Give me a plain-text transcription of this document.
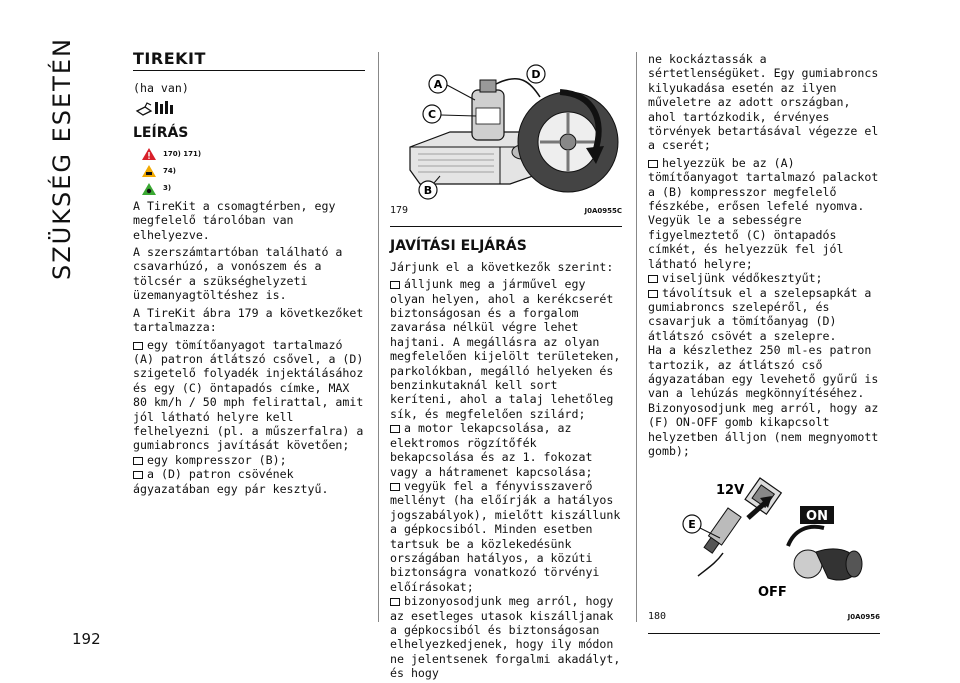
SZÜKSÉG ESETÉN
192
TIREKIT
(ha van)
LEÍRÁS
170) 171)
74)
3)
A TireKit a csomagtérben, egy megfelelő tárolóban van elhelyezve.
A szerszámtartóban található a csavarhúzó, a vonószem és a tölcsér a szükséghelyzeti üzemanyagtöltéshez is.
A TireKit ábra 179 a következőket tartalmazza:
egy tömítőanyagot tartalmazó (A) patron átlátszó csővel, a (D) szigetelő folyadék injektálásához és egy (C) öntapadós címke, MAX 80 km/h / 50 mph felirattal, amit jól látható helyre kell felhelyezni (pl. a műszerfalra) a gumiabroncs javítását követően;
egy kompresszor (B);
a (D) patron csövének ágyazatában egy pár kesztyű.
A
D
C
B
179	J0A0955C
JAVÍTÁSI ELJÁRÁS
Járjunk el a következők szerint:
álljunk meg a járművel egy olyan helyen, ahol a kerékcserét biztonságosan és a forgalom zavarása nélkül végre lehet hajtani. A megállásra az olyan megfelelően kijelölt területeken, parkolókban, megálló helyeken és benzinkutaknál kell sort keríteni, ahol a talaj lehetőleg sík, és megfelelően szilárd;
a motor lekapcsolása, az elektromos rögzítőfék bekapcsolása és az 1. fokozat vagy a hátramenet kapcsolása;
vegyük fel a fényvisszaverő mellényt (ha előírják a hatályos jogszabályok), mielőtt kiszállunk a gépkocsiból. Minden esetben tartsuk be a közlekedésünk országában hatályos, a közúti biztonságra vonatkozó törvényi előírásokat;
bizonyosodjunk meg arról, hogy az esetleges utasok kiszálljanak a gépkocsiból és biztonságosan elhelyezkedjenek, hogy ily módon ne jelentsenek forgalmi akadályt, és hogy
ne kockáztassák a sértetlenségüket. Egy gumiabroncs kilyukadása esetén az ilyen műveletre az adott országban, ahol tartózkodik, érvényes törvények betartásával végezze el a cserét;
helyezzük be az (A) tömítőanyagot tartalmazó palackot a (B) kompresszor megfelelő fészkébe, erősen lefelé nyomva. Vegyük le a sebességre figyelmeztető (C) öntapadós címkét, és helyezzük fel jól látható helyre;
viseljünk védőkesztyűt;
távolítsuk el a szelepsapkát a gumiabroncs szelepéről, és csavarjuk a tömítőanyag (D) átlátszó csövét a szelepre.
Ha a készlethez 250 ml-es patron tartozik, az átlátszó cső ágyazatában egy levehető gyűrű is van a lehúzás megkönnyítéséhez. Bizonyosodjunk meg arról, hogy az (F) ON-OFF gomb kikapcsolt helyzetben álljon (nem megnyomott gomb);
12V
E
ON
OFF
180	J0A0956
